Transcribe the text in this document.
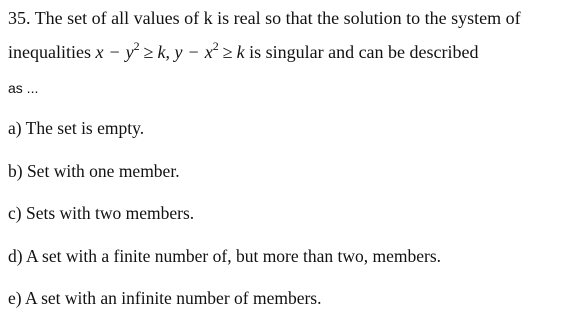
35. The set of all values of k is real so that the solution to the system of
inequalities $x - y^2 \ge k$, $y - x^2 \ge k$ is singular and can be described
as ...
a) The set is empty.
b) Set with one member.
c) Sets with two members.
d) A set with a finite number of, but more than two, members.
e) A set with an infinite number of members.
